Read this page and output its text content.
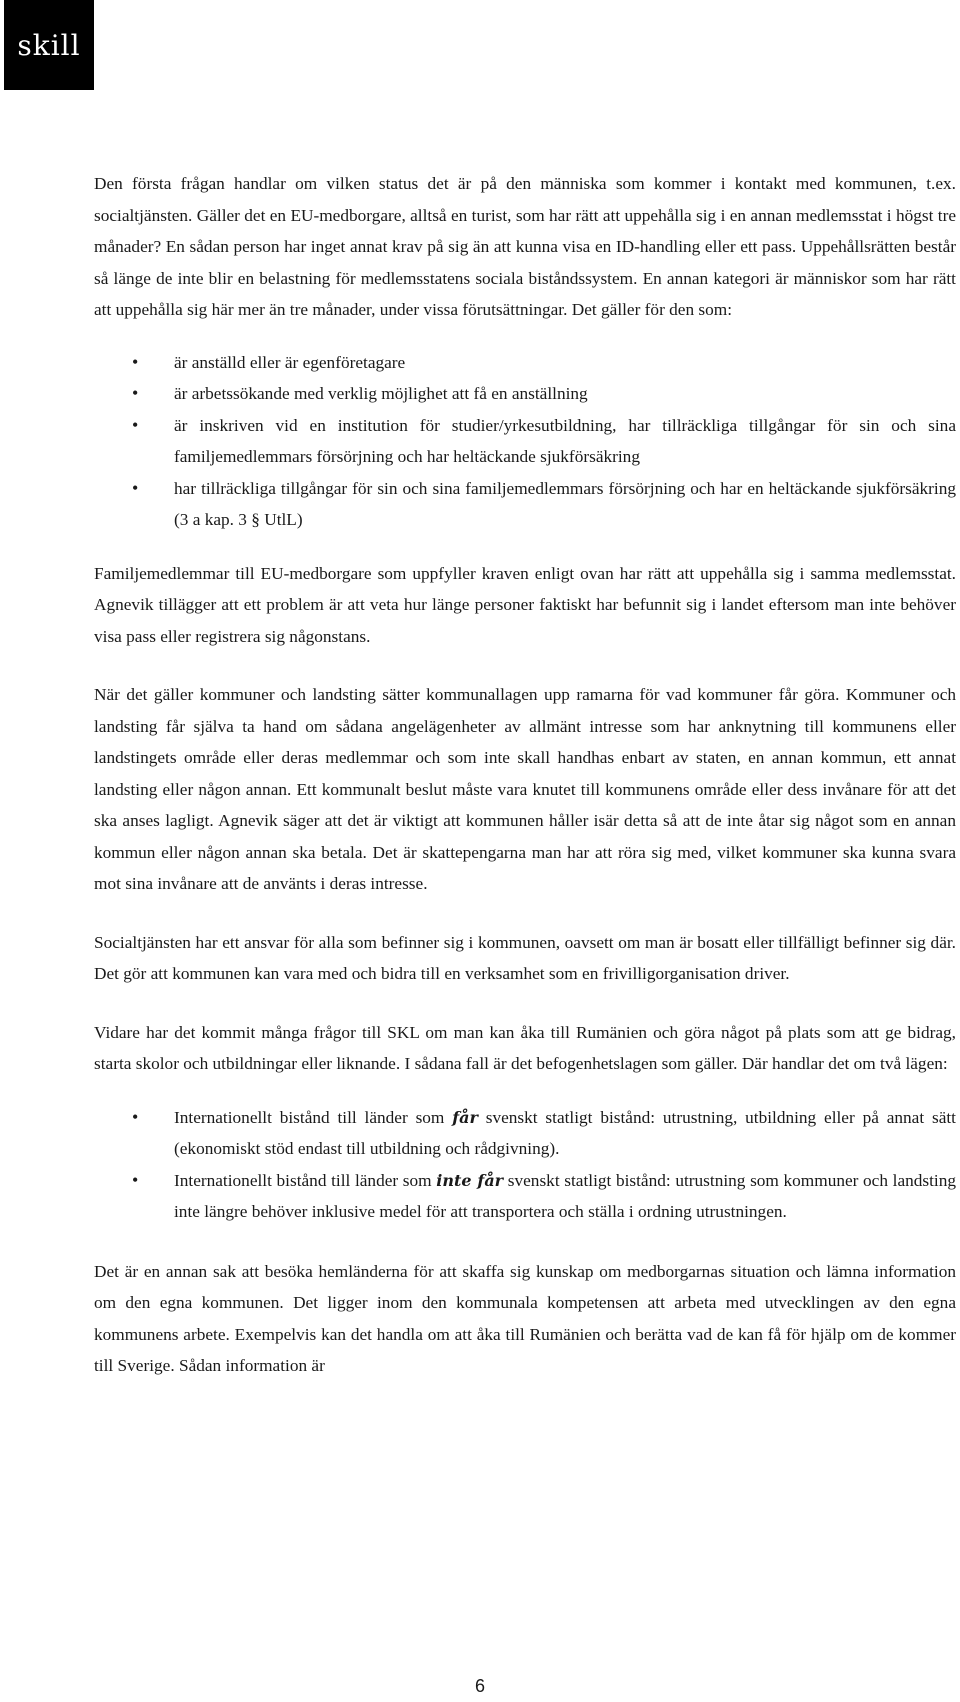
skill

Den första frågan handlar om vilken status det är på den människa som kommer i kontakt med kommunen, t.ex. socialtjänsten. Gäller det en EU-medborgare, alltså en turist, som har rätt att uppehålla sig i en annan medlemsstat i högst tre månader? En sådan person har inget annat krav på sig än att kunna visa en ID-handling eller ett pass. Uppehållsrätten består så länge de inte blir en belastning för medlemsstatens sociala biståndssystem. En annan kategori är människor som har rätt att uppehålla sig här mer än tre månader, under vissa förutsättningar. Det gäller för den som:

• är anställd eller är egenföretagare
• är arbetssökande med verklig möjlighet att få en anställning
• är inskriven vid en institution för studier/yrkesutbildning, har tillräckliga tillgångar för sin och sina familjemedlemmars försörjning och har heltäckande sjukförsäkring
• har tillräckliga tillgångar för sin och sina familjemedlemmars försörjning och har en heltäckande sjukförsäkring (3 a kap. 3 § UtlL)

Familjemedlemmar till EU-medborgare som uppfyller kraven enligt ovan har rätt att uppehålla sig i samma medlemsstat. Agnevik tillägger att ett problem är att veta hur länge personer faktiskt har befunnit sig i landet eftersom man inte behöver visa pass eller registrera sig någonstans.

När det gäller kommuner och landsting sätter kommunallagen upp ramarna för vad kommuner får göra. Kommuner och landsting får själva ta hand om sådana angelägenheter av allmänt intresse som har anknytning till kommunens eller landstingets område eller deras medlemmar och som inte skall handhas enbart av staten, en annan kommun, ett annat landsting eller någon annan. Ett kommunalt beslut måste vara knutet till kommunens område eller dess invånare för att det ska anses lagligt. Agnevik säger att det är viktigt att kommunen håller isär detta så att de inte åtar sig något som en annan kommun eller någon annan ska betala. Det är skattepengarna man har att röra sig med, vilket kommuner ska kunna svara mot sina invånare att de använts i deras intresse.

Socialtjänsten har ett ansvar för alla som befinner sig i kommunen, oavsett om man är bosatt eller tillfälligt befinner sig där. Det gör att kommunen kan vara med och bidra till en verksamhet som en frivilligorganisation driver.

Vidare har det kommit många frågor till SKL om man kan åka till Rumänien och göra något på plats som att ge bidrag, starta skolor och utbildningar eller liknande. I sådana fall är det befogenhetslagen som gäller. Där handlar det om två lägen:

• Internationellt bistånd till länder som får svenskt statligt bistånd: utrustning, utbildning eller på annat sätt (ekonomiskt stöd endast till utbildning och rådgivning).
• Internationellt bistånd till länder som inte får svenskt statligt bistånd: utrustning som kommuner och landsting inte längre behöver inklusive medel för att transportera och ställa i ordning utrustningen.

Det är en annan sak att besöka hemländerna för att skaffa sig kunskap om medborgarnas situation och lämna information om den egna kommunen. Det ligger inom den kommunala kompetensen att arbeta med utvecklingen av den egna kommunens arbete. Exempelvis kan det handla om att åka till Rumänien och berätta vad de kan få för hjälp om de kommer till Sverige. Sådan information är

6
